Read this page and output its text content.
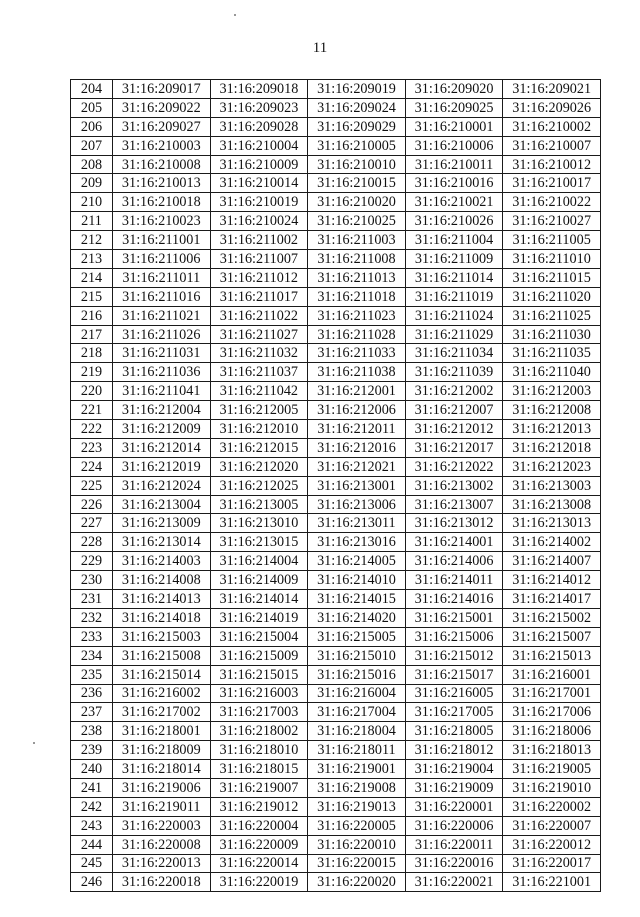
11
204	31:16:209017	31:16:209018	31:16:209019	31:16:209020	31:16:209021
205	31:16:209022	31:16:209023	31:16:209024	31:16:209025	31:16:209026
206	31:16:209027	31:16:209028	31:16:209029	31:16:210001	31:16:210002
207	31:16:210003	31:16:210004	31:16:210005	31:16:210006	31:16:210007
208	31:16:210008	31:16:210009	31:16:210010	31:16:210011	31:16:210012
209	31:16:210013	31:16:210014	31:16:210015	31:16:210016	31:16:210017
210	31:16:210018	31:16:210019	31:16:210020	31:16:210021	31:16:210022
211	31:16:210023	31:16:210024	31:16:210025	31:16:210026	31:16:210027
212	31:16:211001	31:16:211002	31:16:211003	31:16:211004	31:16:211005
213	31:16:211006	31:16:211007	31:16:211008	31:16:211009	31:16:211010
214	31:16:211011	31:16:211012	31:16:211013	31:16:211014	31:16:211015
215	31:16:211016	31:16:211017	31:16:211018	31:16:211019	31:16:211020
216	31:16:211021	31:16:211022	31:16:211023	31:16:211024	31:16:211025
217	31:16:211026	31:16:211027	31:16:211028	31:16:211029	31:16:211030
218	31:16:211031	31:16:211032	31:16:211033	31:16:211034	31:16:211035
219	31:16:211036	31:16:211037	31:16:211038	31:16:211039	31:16:211040
220	31:16:211041	31:16:211042	31:16:212001	31:16:212002	31:16:212003
221	31:16:212004	31:16:212005	31:16:212006	31:16:212007	31:16:212008
222	31:16:212009	31:16:212010	31:16:212011	31:16:212012	31:16:212013
223	31:16:212014	31:16:212015	31:16:212016	31:16:212017	31:16:212018
224	31:16:212019	31:16:212020	31:16:212021	31:16:212022	31:16:212023
225	31:16:212024	31:16:212025	31:16:213001	31:16:213002	31:16:213003
226	31:16:213004	31:16:213005	31:16:213006	31:16:213007	31:16:213008
227	31:16:213009	31:16:213010	31:16:213011	31:16:213012	31:16:213013
228	31:16:213014	31:16:213015	31:16:213016	31:16:214001	31:16:214002
229	31:16:214003	31:16:214004	31:16:214005	31:16:214006	31:16:214007
230	31:16:214008	31:16:214009	31:16:214010	31:16:214011	31:16:214012
231	31:16:214013	31:16:214014	31:16:214015	31:16:214016	31:16:214017
232	31:16:214018	31:16:214019	31:16:214020	31:16:215001	31:16:215002
233	31:16:215003	31:16:215004	31:16:215005	31:16:215006	31:16:215007
234	31:16:215008	31:16:215009	31:16:215010	31:16:215012	31:16:215013
235	31:16:215014	31:16:215015	31:16:215016	31:16:215017	31:16:216001
236	31:16:216002	31:16:216003	31:16:216004	31:16:216005	31:16:217001
237	31:16:217002	31:16:217003	31:16:217004	31:16:217005	31:16:217006
238	31:16:218001	31:16:218002	31:16:218004	31:16:218005	31:16:218006
239	31:16:218009	31:16:218010	31:16:218011	31:16:218012	31:16:218013
240	31:16:218014	31:16:218015	31:16:219001	31:16:219004	31:16:219005
241	31:16:219006	31:16:219007	31:16:219008	31:16:219009	31:16:219010
242	31:16:219011	31:16:219012	31:16:219013	31:16:220001	31:16:220002
243	31:16:220003	31:16:220004	31:16:220005	31:16:220006	31:16:220007
244	31:16:220008	31:16:220009	31:16:220010	31:16:220011	31:16:220012
245	31:16:220013	31:16:220014	31:16:220015	31:16:220016	31:16:220017
246	31:16:220018	31:16:220019	31:16:220020	31:16:220021	31:16:221001
